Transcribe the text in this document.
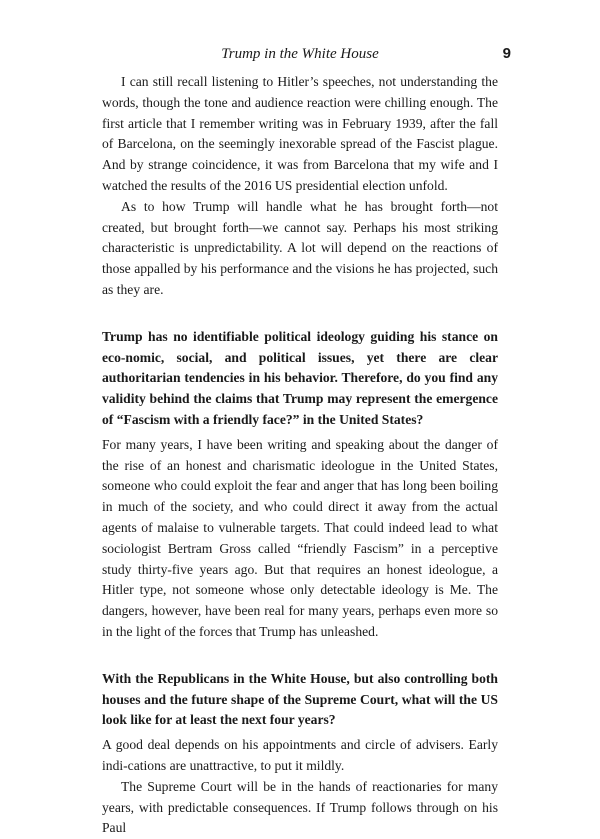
Trump in the White House	9

I can still recall listening to Hitler’s speeches, not understanding the words, though the tone and audience reaction were chilling enough. The first article that I remember writing was in February 1939, after the fall of Barcelona, on the seemingly inexorable spread of the Fascist plague. And by strange coincidence, it was from Barcelona that my wife and I watched the results of the 2016 US presidential election unfold.

As to how Trump will handle what he has brought forth—not created, but brought forth—we cannot say. Perhaps his most striking characteristic is unpredictability. A lot will depend on the reactions of those appalled by his performance and the visions he has projected, such as they are.

Trump has no identifiable political ideology guiding his stance on eco-nomic, social, and political issues, yet there are clear authoritarian tendencies in his behavior. Therefore, do you find any validity behind the claims that Trump may represent the emergence of “Fascism with a friendly face?” in the United States?

For many years, I have been writing and speaking about the danger of the rise of an honest and charismatic ideologue in the United States, someone who could exploit the fear and anger that has long been boiling in much of the society, and who could direct it away from the actual agents of malaise to vulnerable targets. That could indeed lead to what sociologist Bertram Gross called “friendly Fascism” in a perceptive study thirty-five years ago. But that requires an honest ideologue, a Hitler type, not someone whose only detectable ideology is Me. The dangers, however, have been real for many years, perhaps even more so in the light of the forces that Trump has unleashed.

With the Republicans in the White House, but also controlling both houses and the future shape of the Supreme Court, what will the US look like for at least the next four years?

A good deal depends on his appointments and circle of advisers. Early indi-cations are unattractive, to put it mildly.

The Supreme Court will be in the hands of reactionaries for many years, with predictable consequences. If Trump follows through on his Paul
